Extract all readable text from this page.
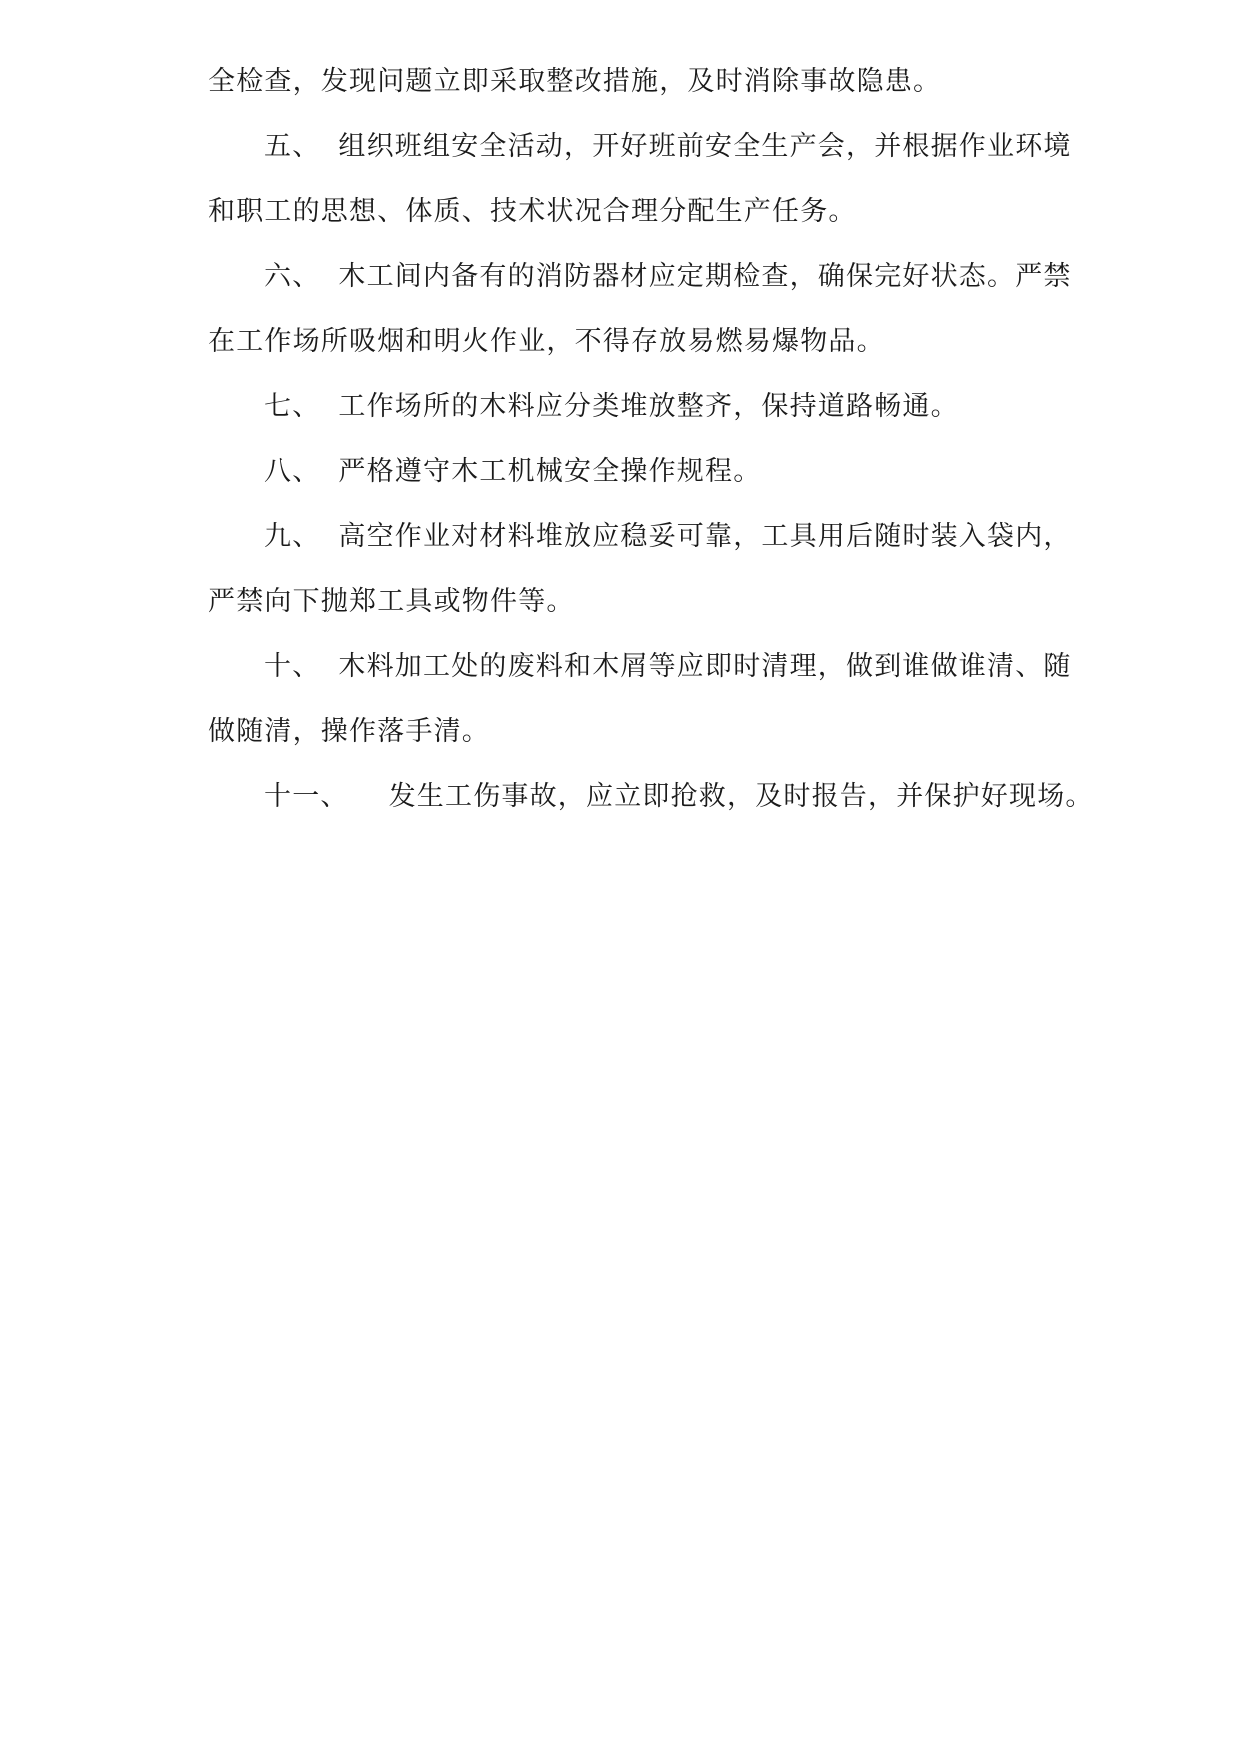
全检查，发现问题立即采取整改措施，及时消除事故隐患。
五、 组织班组安全活动，开好班前安全生产会，并根据作业环境
和职工的思想、体质、技术状况合理分配生产任务。
六、 木工间内备有的消防器材应定期检查，确保完好状态。严禁
在工作场所吸烟和明火作业，不得存放易燃易爆物品。
七、 工作场所的木料应分类堆放整齐，保持道路畅通。
八、 严格遵守木工机械安全操作规程。
九、 高空作业对材料堆放应稳妥可靠，工具用后随时装入袋内，
严禁向下抛郑工具或物件等。
十、 木料加工处的废料和木屑等应即时清理，做到谁做谁清、随
做随清，操作落手清。
十一、 发生工伤事故，应立即抢救，及时报告，并保护好现场。
